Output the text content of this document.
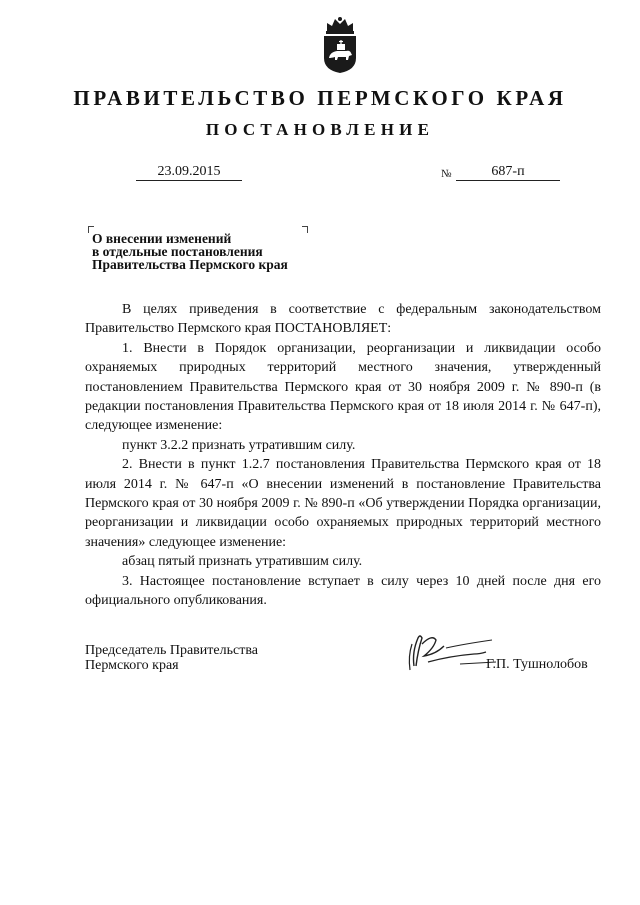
ПРАВИТЕЛЬСТВО ПЕРМСКОГО КРАЯ
ПОСТАНОВЛЕНИЕ
23.09.2015	№	687-п
О внесении изменений
в отдельные постановления
Правительства Пермского края

В целях приведения в соответствие с федеральным законодательством Правительство Пермского края ПОСТАНОВЛЯЕТ:

1. Внести в Порядок организации, реорганизации и ликвидации особо охраняемых природных территорий местного значения, утвержденный постановлением Правительства Пермского края от 30 ноября 2009 г. № 890-п (в редакции постановления Правительства Пермского края от 18 июля 2014 г. № 647-п), следующее изменение:

пункт 3.2.2 признать утратившим силу.

2. Внести в пункт 1.2.7 постановления Правительства Пермского края от 18 июля 2014 г. № 647-п «О внесении изменений в постановление Правительства Пермского края от 30 ноября 2009 г. № 890-п «Об утверждении Порядка организации, реорганизации и ликвидации особо охраняемых природных территорий местного значения» следующее изменение:

абзац пятый признать утратившим силу.

3. Настоящее постановление вступает в силу через 10 дней после дня его официального опубликования.

Председатель Правительства
Пермского края	Г.П. Тушнолобов
